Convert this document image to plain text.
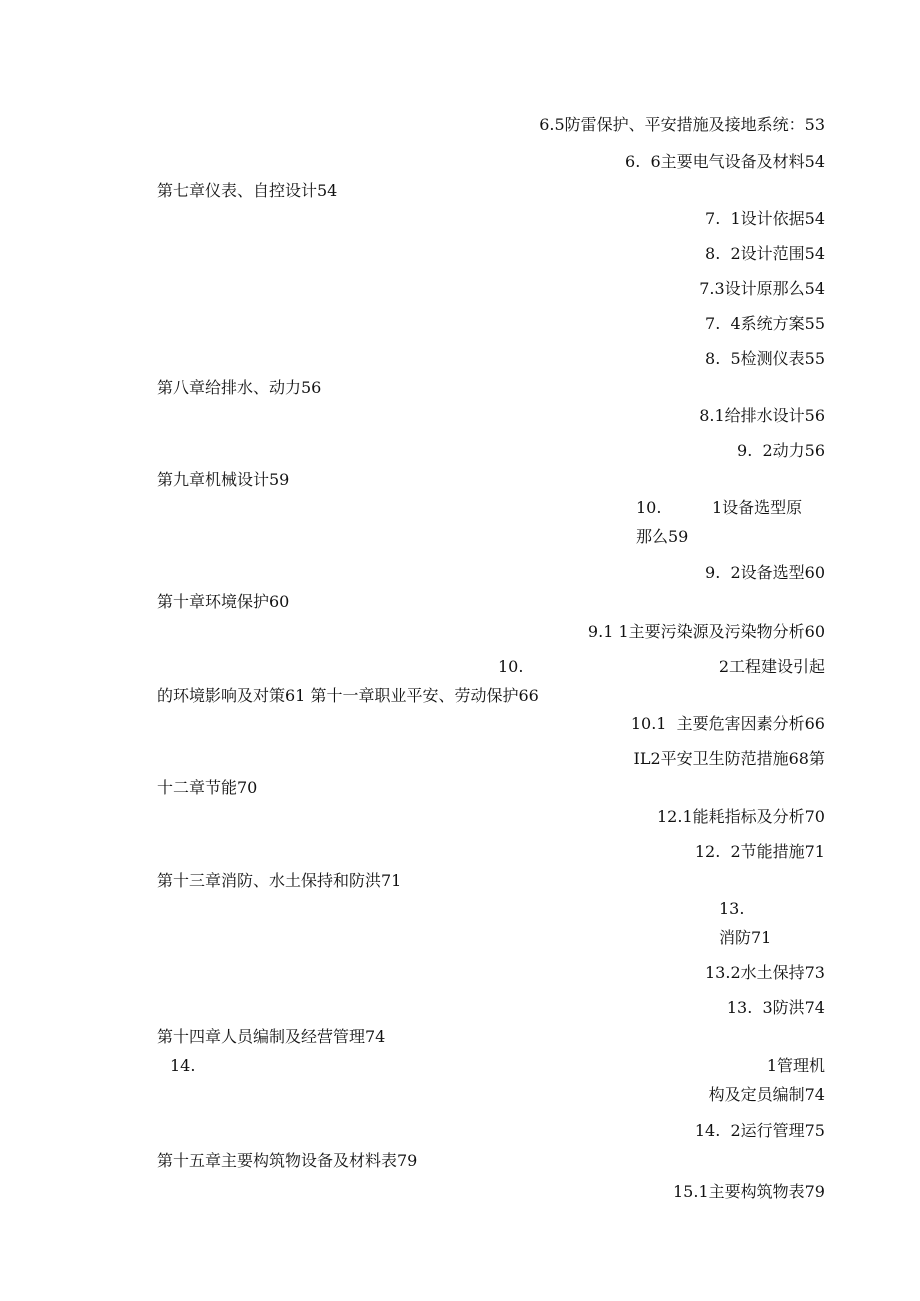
6.5防雷保护、平安措施及接地系统：53
6.  6主要电气设备及材料54
第七章仪表、自控设计54
7.  1设计依据54
8.  2设计范围54
7.3设计原那么54
7.  4系统方案55
8.  5检测仪表55
第八章给排水、动力56
8.1给排水设计56
9.  2动力56
第九章机械设计59
10.	1设备选型原
那么59
9.  2设备选型60
第十章环境保护60
9.1 1主要污染源及污染物分析60
10.	2工程建设引起
的环境影响及对策61 第十一章职业平安、劳动保护66
10.1  主要危害因素分析66
IL2平安卫生防范措施68第
十二章节能70
12.1能耗指标及分析70
12.  2节能措施71
第十三章消防、水土保持和防洪71
13.
消防71
13.2水土保持73
13.  3防洪74
第十四章人员编制及经营管理74
14.	1管理机
构及定员编制74
14.  2运行管理75
第十五章主要构筑物设备及材料表79
15.1主要构筑物表79
